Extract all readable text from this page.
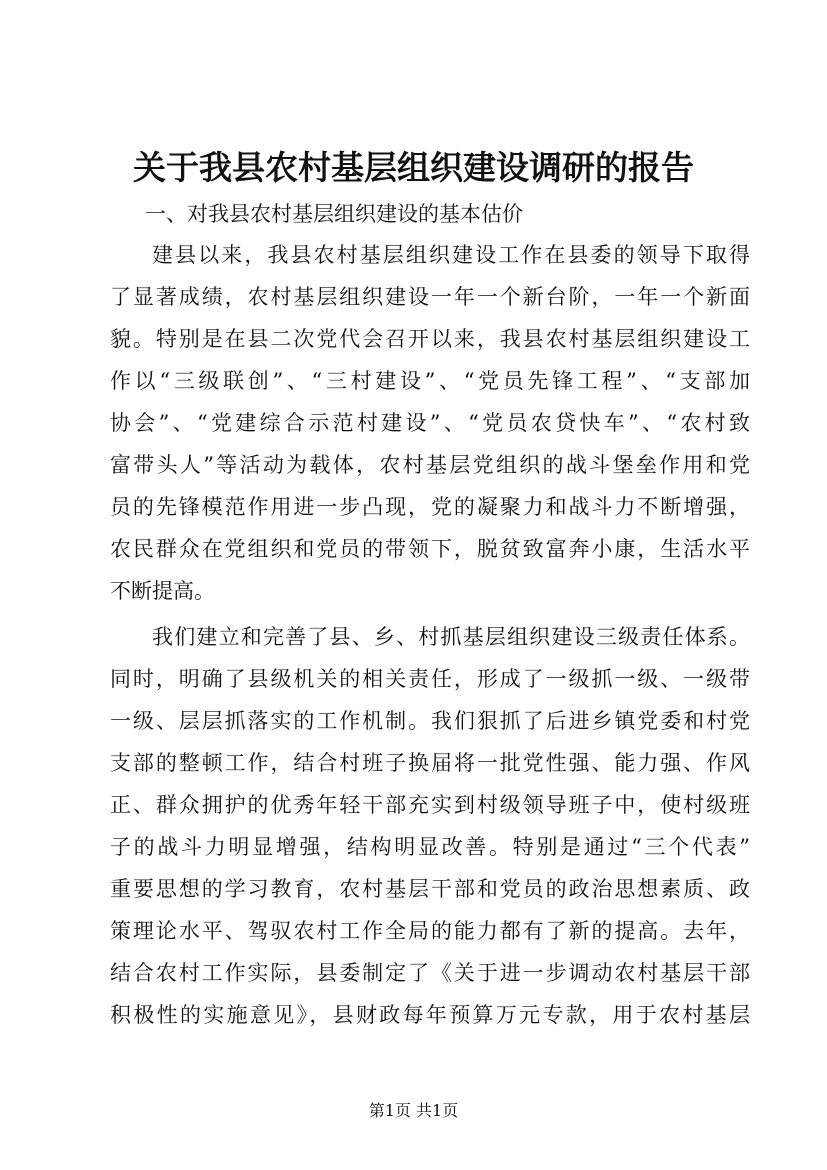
关于我县农村基层组织建设调研的报告
一、对我县农村基层组织建设的基本估价
建县以来，我县农村基层组织建设工作在县委的领导下取得
了显著成绩，农村基层组织建设一年一个新台阶，一年一个新面
貌。特别是在县二次党代会召开以来，我县农村基层组织建设工
作以“三级联创”、“三村建设”、“党员先锋工程”、“支部加
协会”、“党建综合示范村建设”、“党员农贷快车”、“农村致
富带头人”等活动为载体，农村基层党组织的战斗堡垒作用和党
员的先锋模范作用进一步凸现，党的凝聚力和战斗力不断增强，
农民群众在党组织和党员的带领下，脱贫致富奔小康，生活水平
不断提高。
我们建立和完善了县、乡、村抓基层组织建设三级责任体系。
同时，明确了县级机关的相关责任，形成了一级抓一级、一级带
一级、层层抓落实的工作机制。我们狠抓了后进乡镇党委和村党
支部的整顿工作，结合村班子换届将一批党性强、能力强、作风
正、群众拥护的优秀年轻干部充实到村级领导班子中，使村级班
子的战斗力明显增强，结构明显改善。特别是通过“三个代表”
重要思想的学习教育，农村基层干部和党员的政治思想素质、政
策理论水平、驾驭农村工作全局的能力都有了新的提高。去年，
结合农村工作实际，县委制定了《关于进一步调动农村基层干部
积极性的实施意见》，县财政每年预算万元专款，用于农村基层
第1页 共1页
